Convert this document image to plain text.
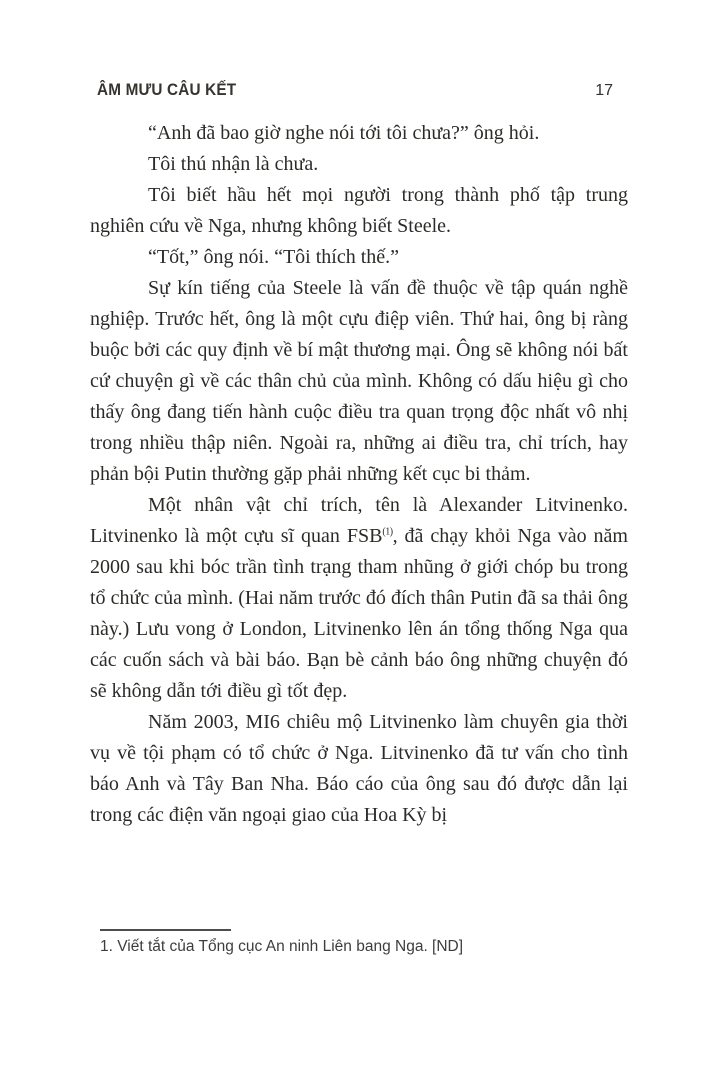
ÂM MƯU CÂU KẾT	17

“Anh đã bao giờ nghe nói tới tôi chưa?” ông hỏi.

Tôi thú nhận là chưa.

Tôi biết hầu hết mọi người trong thành phố tập trung nghiên cứu về Nga, nhưng không biết Steele.

“Tốt,” ông nói. “Tôi thích thế.”

Sự kín tiếng của Steele là vấn đề thuộc về tập quán nghề nghiệp. Trước hết, ông là một cựu điệp viên. Thứ hai, ông bị ràng buộc bởi các quy định về bí mật thương mại. Ông sẽ không nói bất cứ chuyện gì về các thân chủ của mình. Không có dấu hiệu gì cho thấy ông đang tiến hành cuộc điều tra quan trọng độc nhất vô nhị trong nhiều thập niên. Ngoài ra, những ai điều tra, chỉ trích, hay phản bội Putin thường gặp phải những kết cục bi thảm.

Một nhân vật chỉ trích, tên là Alexander Litvinenko. Litvinenko là một cựu sĩ quan FSB$^{(1)}$, đã chạy khỏi Nga vào năm 2000 sau khi bóc trần tình trạng tham nhũng ở giới chóp bu trong tổ chức của mình. (Hai năm trước đó đích thân Putin đã sa thải ông này.) Lưu vong ở London, Litvinenko lên án tổng thống Nga qua các cuốn sách và bài báo. Bạn bè cảnh báo ông những chuyện đó sẽ không dẫn tới điều gì tốt đẹp.

Năm 2003, MI6 chiêu mộ Litvinenko làm chuyên gia thời vụ về tội phạm có tổ chức ở Nga. Litvinenko đã tư vấn cho tình báo Anh và Tây Ban Nha. Báo cáo của ông sau đó được dẫn lại trong các điện văn ngoại giao của Hoa Kỳ bị

1. Viết tắt của Tổng cục An ninh Liên bang Nga. [ND]
